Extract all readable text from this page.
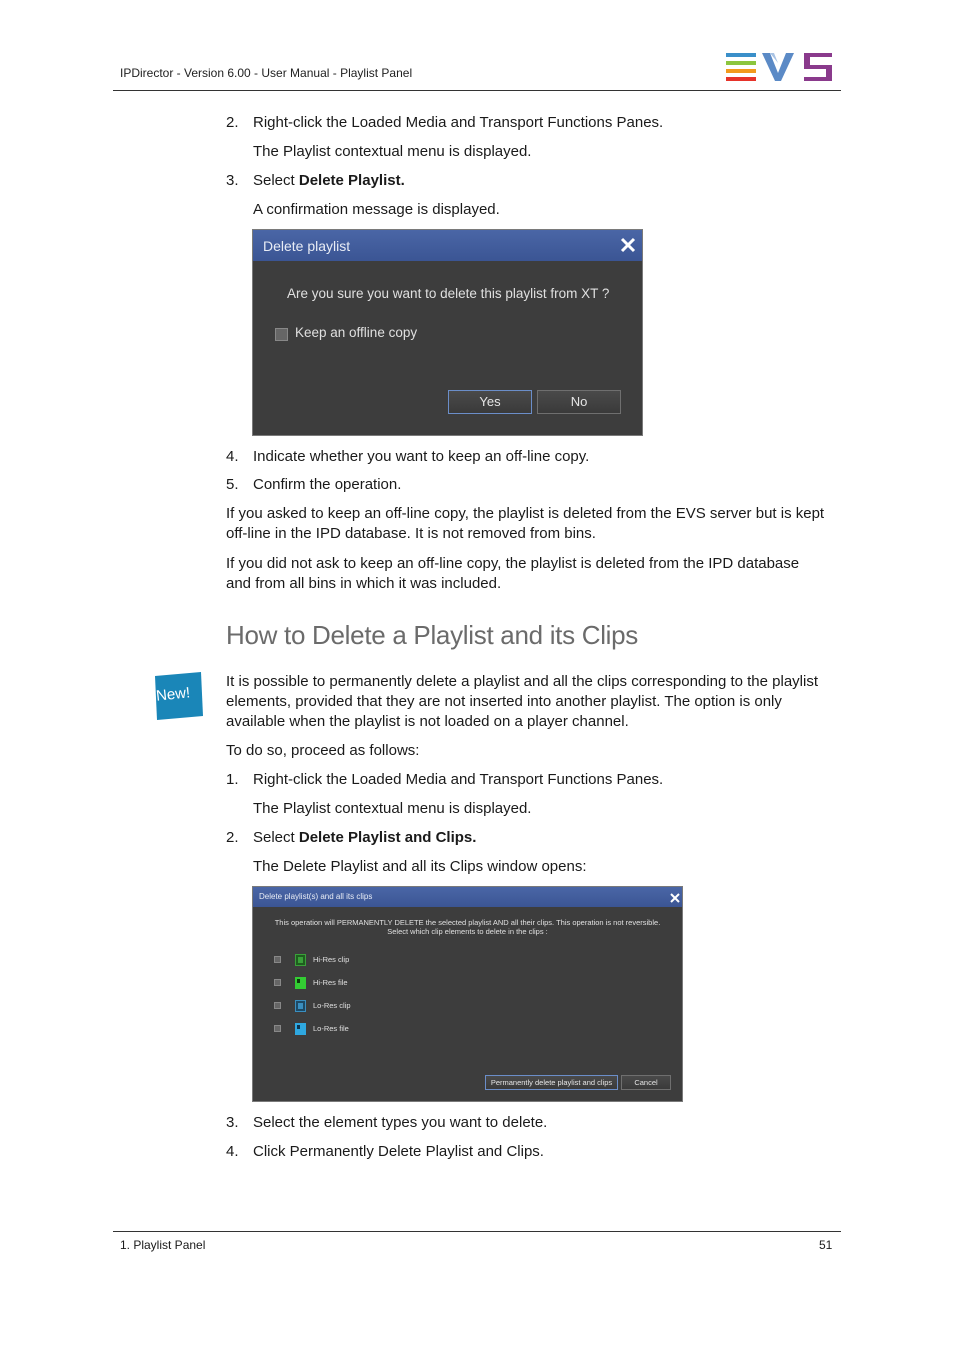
IPDirector - Version 6.00 - User Manual - Playlist Panel
2. Right-click the Loaded Media and Transport Functions Panes.
The Playlist contextual menu is displayed.
3. Select Delete Playlist.
A confirmation message is displayed.
Delete playlist
Are you sure you want to delete this playlist from XT ?
Keep an offline copy
Yes	No
4. Indicate whether you want to keep an off-line copy.
5. Confirm the operation.
If you asked to keep an off-line copy, the playlist is deleted from the EVS server but is kept off-line in the IPD database. It is not removed from bins.
If you did not ask to keep an off-line copy, the playlist is deleted from the IPD database and from all bins in which it was included.
How to Delete a Playlist and its Clips
New!
It is possible to permanently delete a playlist and all the clips corresponding to the playlist elements, provided that they are not inserted into another playlist. The option is only available when the playlist is not loaded on a player channel.
To do so, proceed as follows:
1. Right-click the Loaded Media and Transport Functions Panes.
The Playlist contextual menu is displayed.
2. Select Delete Playlist and Clips.
The Delete Playlist and all its Clips window opens:
Delete playlist(s) and all its clips
This operation will PERMANENTLY DELETE the selected playlist AND all their clips. This operation is not reversible.
Select which clip elements to delete in the clips :
Hi-Res clip
Hi-Res file
Lo-Res clip
Lo-Res file
Permanently delete playlist and clips	Cancel
3. Select the element types you want to delete.
4. Click Permanently Delete Playlist and Clips.
1. Playlist Panel	51
